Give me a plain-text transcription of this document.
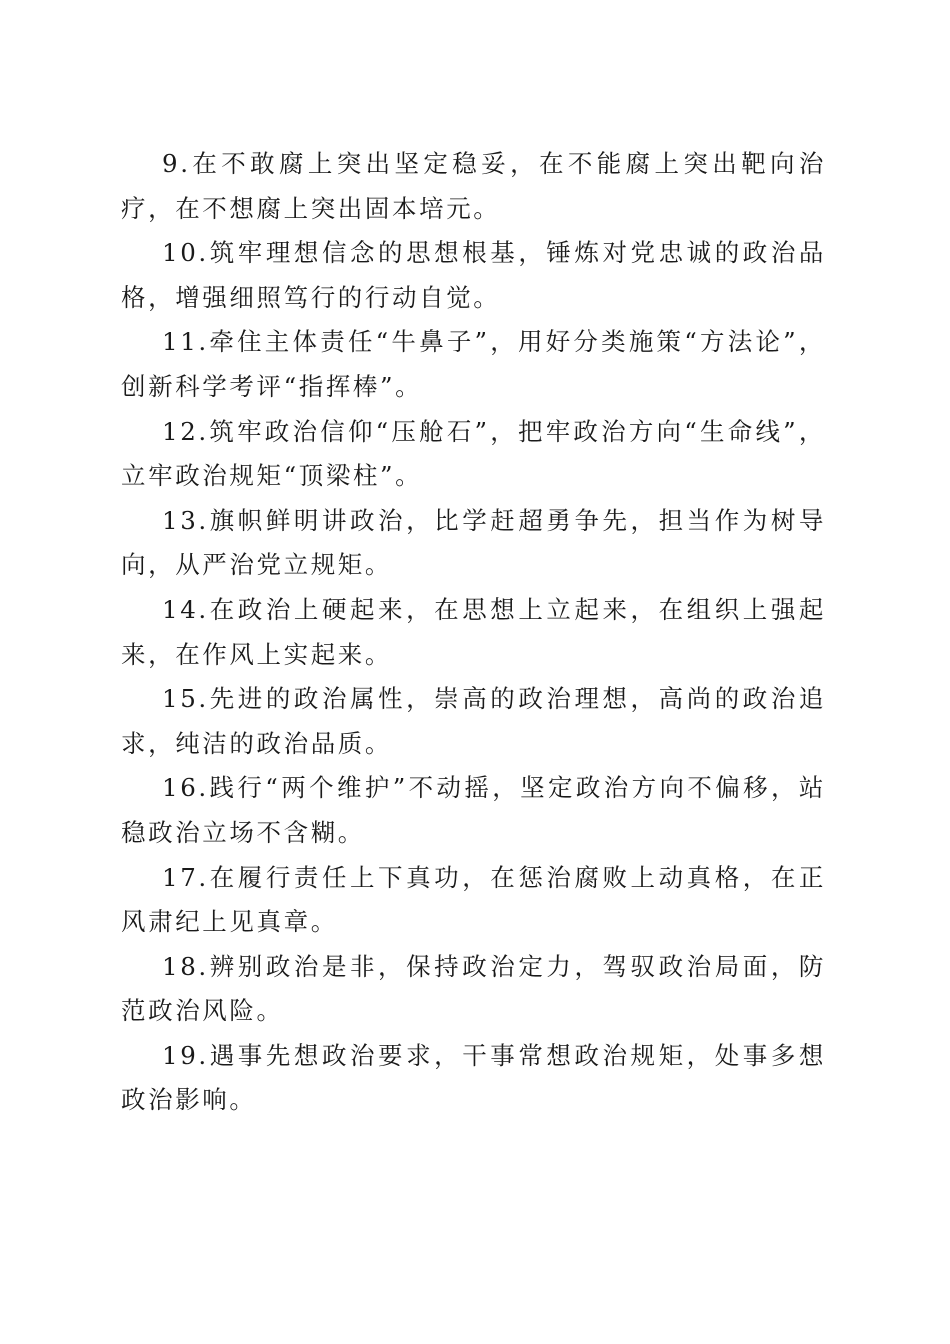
9.在不敢腐上突出坚定稳妥，在不能腐上突出靶向治疗，在不想腐上突出固本培元。

10.筑牢理想信念的思想根基，锤炼对党忠诚的政治品格，增强细照笃行的行动自觉。

11.牵住主体责任“牛鼻子”，用好分类施策“方法论”，创新科学考评“指挥棒”。

12.筑牢政治信仰“压舱石”，把牢政治方向“生命线”，立牢政治规矩“顶梁柱”。

13.旗帜鲜明讲政治，比学赶超勇争先，担当作为树导向，从严治党立规矩。

14.在政治上硬起来，在思想上立起来，在组织上强起来，在作风上实起来。

15.先进的政治属性，崇高的政治理想，高尚的政治追求，纯洁的政治品质。

16.践行“两个维护”不动摇，坚定政治方向不偏移，站稳政治立场不含糊。

17.在履行责任上下真功，在惩治腐败上动真格，在正风肃纪上见真章。

18.辨别政治是非，保持政治定力，驾驭政治局面，防范政治风险。

19.遇事先想政治要求，干事常想政治规矩，处事多想政治影响。
